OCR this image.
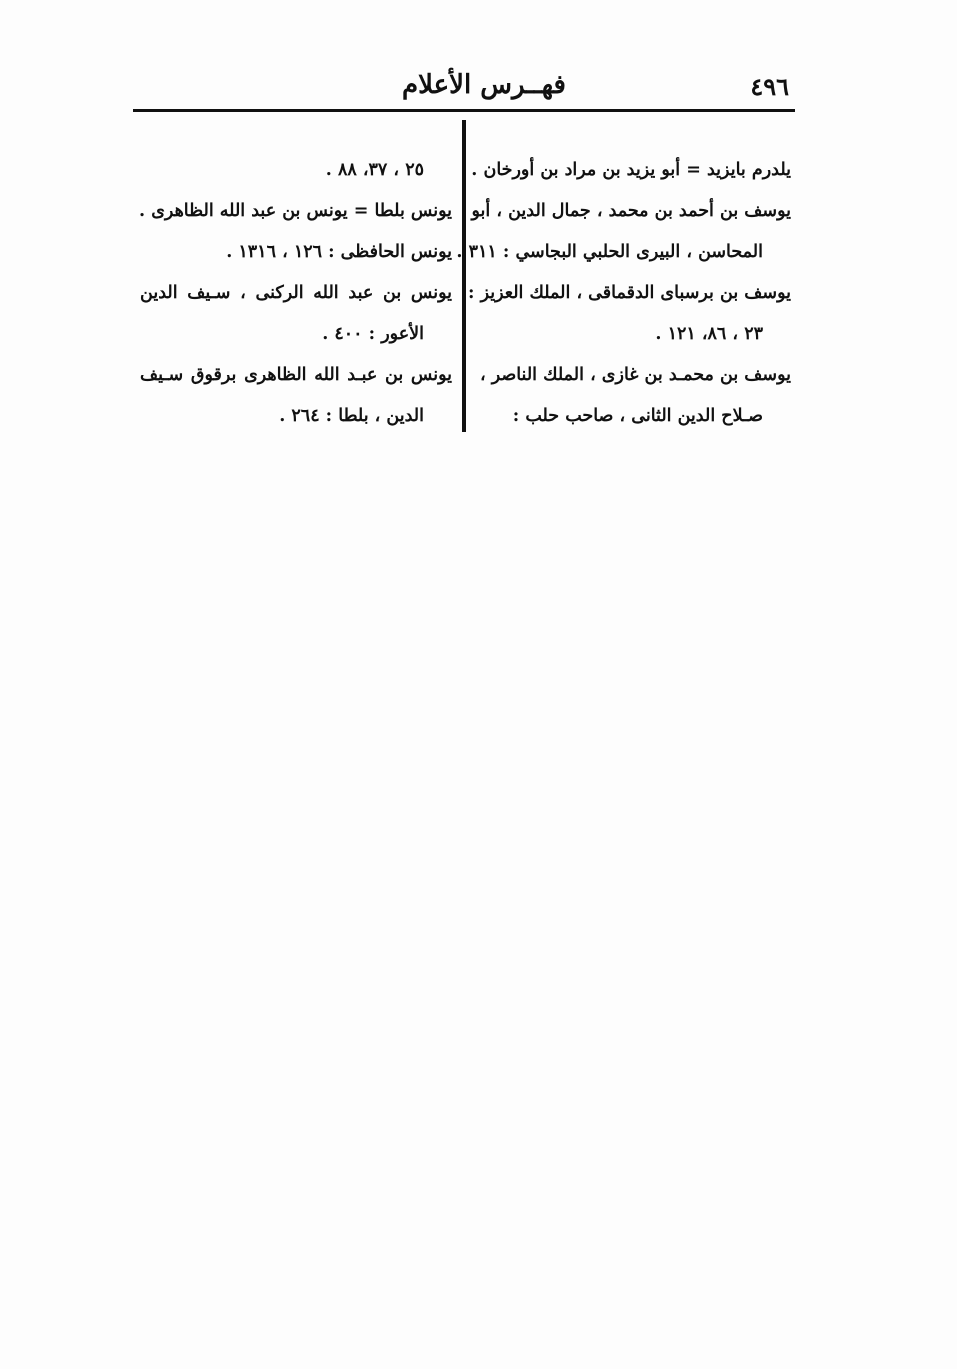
فهــرس الأعلام	٤٩٦
يلدرم بايزيد = أبو يزيد بن مراد بن أورخان .
يوسف بن أحمد بن محمد ، جمال الدين ، أبو
المحاسن ، البيرى الحلبي البجاسي : ٣١١ .
يوسف بن برسباى الدقماقى ، الملك العزيز :
٢٣ ، ٨٦، ١٢١ .
يوسف بن محمـد بن غازى ، الملك الناصر ،
صـلاح الدين الثانى ، صاحب حلب :
٢٥ ، ٣٧، ٨٨ .
يونس بلطا = يونس بن عبد الله الظاهرى .
يونس الحافظى : ١٢٦ ، ١٣١٦ .
يونس بن عبد الله الركنى ، سـيف الدين
الأعور : ٤٠٠ .
يونس بن عبـد الله الظاهرى برقوق سـيف
الدين ، بلطا : ٢٦٤ .
